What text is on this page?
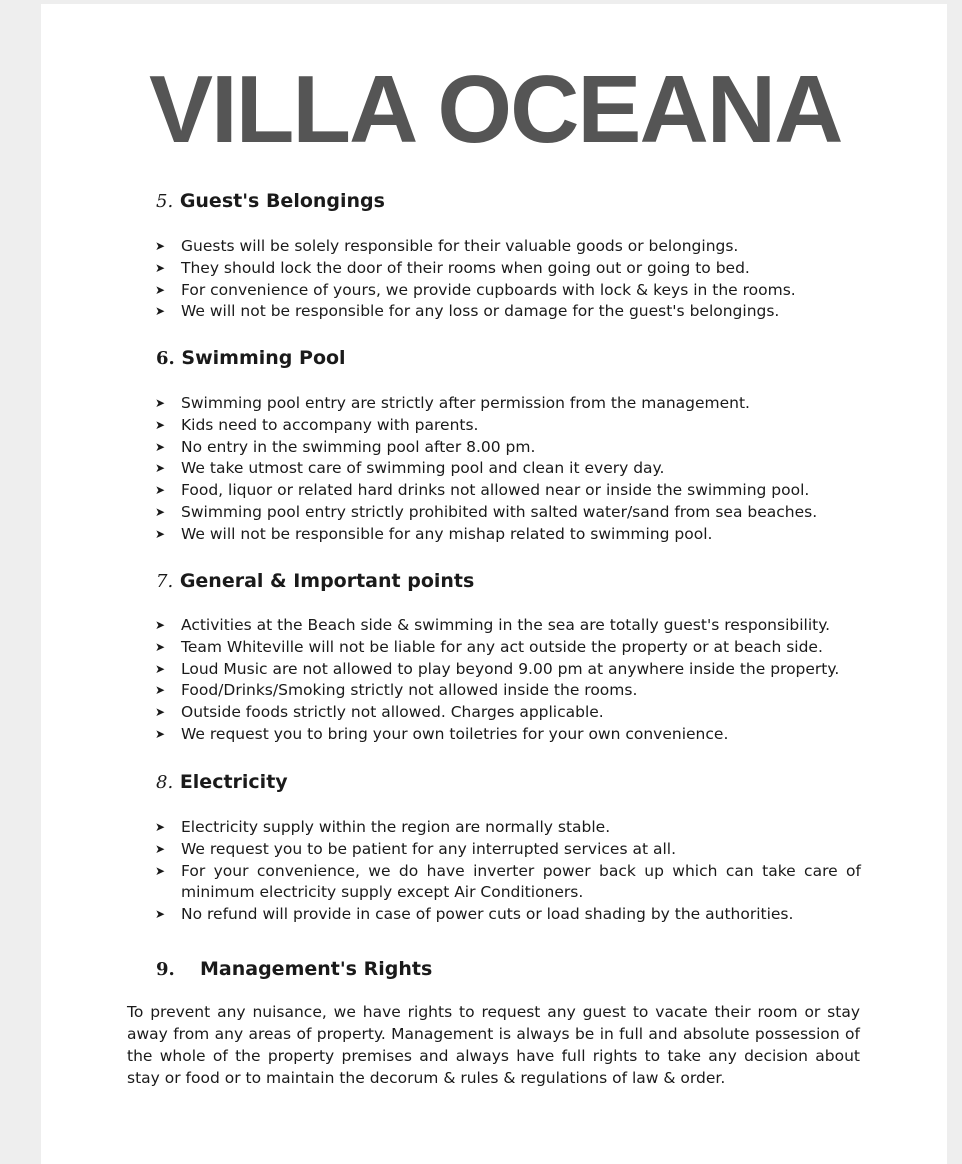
VILLA OCEANA
5. Guest's Belongings
➤ Guests will be solely responsible for their valuable goods or belongings.
➤ They should lock the door of their rooms when going out or going to bed.
➤ For convenience of yours, we provide cupboards with lock & keys in the rooms.
➤ We will not be responsible for any loss or damage for the guest's belongings.
6. Swimming Pool
➤ Swimming pool entry are strictly after permission from the management.
➤ Kids need to accompany with parents.
➤ No entry in the swimming pool after 8.00 pm.
➤ We take utmost care of swimming pool and clean it every day.
➤ Food, liquor or related hard drinks not allowed near or inside the swimming pool.
➤ Swimming pool entry strictly prohibited with salted water/sand from sea beaches.
➤ We will not be responsible for any mishap related to swimming pool.
7. General & Important points
➤ Activities at the Beach side & swimming in the sea are totally guest's responsibility.
➤ Team Whiteville will not be liable for any act outside the property or at beach side.
➤ Loud Music are not allowed to play beyond 9.00 pm at anywhere inside the property.
➤ Food/Drinks/Smoking strictly not allowed inside the rooms.
➤ Outside foods strictly not allowed. Charges applicable.
➤ We request you to bring your own toiletries for your own convenience.
8. Electricity
➤ Electricity supply within the region are normally stable.
➤ We request you to be patient for any interrupted services at all.
➤ For your convenience, we do have inverter power back up which can take care of minimum electricity supply except Air Conditioners.
➤ No refund will provide in case of power cuts or load shading by the authorities.
9. Management's Rights

To prevent any nuisance, we have rights to request any guest to vacate their room or stay away from any areas of property. Management is always be in full and absolute possession of the whole of the property premises and always have full rights to take any decision about stay or food or to maintain the decorum & rules & regulations of law & order.
